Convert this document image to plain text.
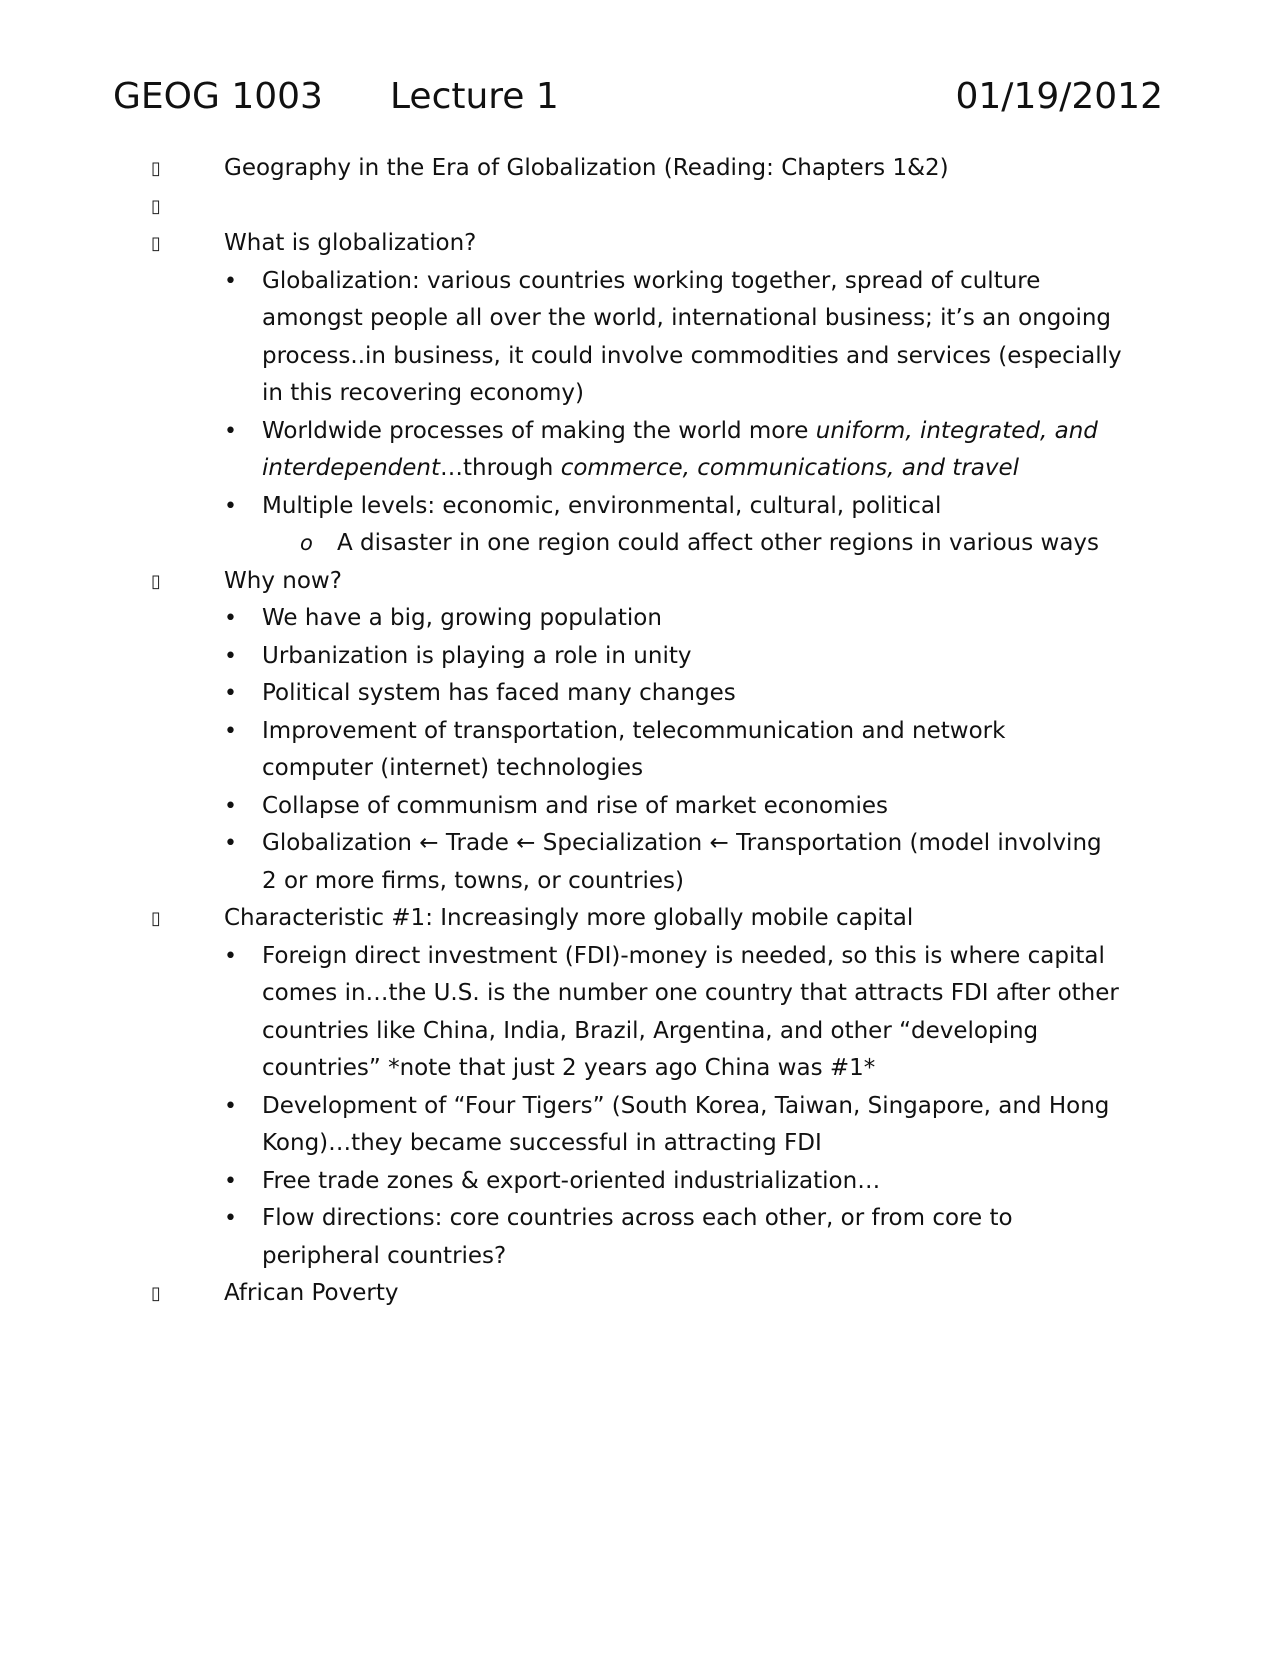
GEOG 1003 Lecture 1	01/19/2012
▯	Geography in the Era of Globalization (Reading: Chapters 1&2)
▯
▯	What is globalization?
• Globalization: various countries working together, spread of culture amongst people all over the world, international business; it’s an ongoing process..in business, it could involve commodities and services (especially in this recovering economy)
• Worldwide processes of making the world more uniform, integrated, and interdependent…through commerce, communications, and travel
• Multiple levels: economic, environmental, cultural, political
o A disaster in one region could affect other regions in various ways
▯	Why now?
• We have a big, growing population
• Urbanization is playing a role in unity
• Political system has faced many changes
• Improvement of transportation, telecommunication and network computer (internet) technologies
• Collapse of communism and rise of market economies
• Globalization ← Trade ← Specialization ← Transportation (model involving 2 or more firms, towns, or countries)
▯	Characteristic #1: Increasingly more globally mobile capital
• Foreign direct investment (FDI)-money is needed, so this is where capital comes in…the U.S. is the number one country that attracts FDI after other countries like China, India, Brazil, Argentina, and other “developing countries” *note that just 2 years ago China was #1*
• Development of “Four Tigers” (South Korea, Taiwan, Singapore, and Hong Kong)…they became successful in attracting FDI
• Free trade zones & export-oriented industrialization…
• Flow directions: core countries across each other, or from core to peripheral countries?
▯	African Poverty
